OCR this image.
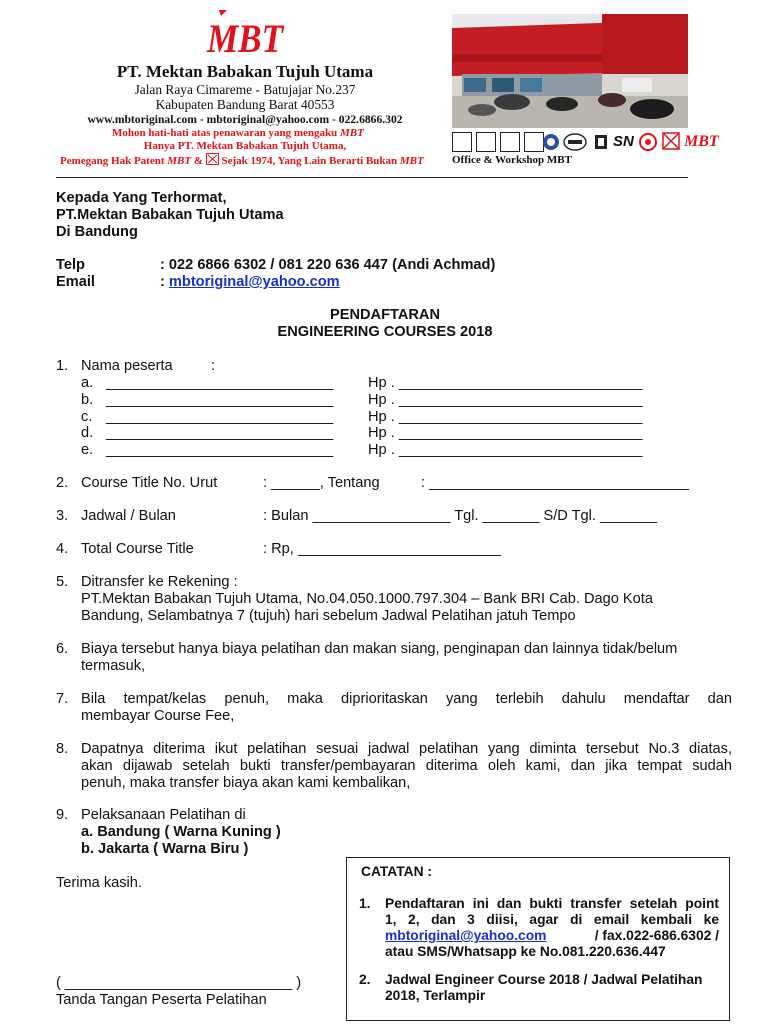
MBT
PT. Mektan Babakan Tujuh Utama
Jalan Raya Cimareme - Batujajar No.237
Kabupaten Bandung Barat 40553
www.mbtoriginal.com - mbtoriginal@yahoo.com - 022.6866.302
Mohon hati-hati atas penawaran yang mengaku MBT
Hanya PT. Mektan Babakan Tujuh Utama,
Pemegang Hak Patent MBT & Sejak 1974, Yang Lain Berarti Bukan MBT
SN	MBT
Office & Workshop MBT
Kepada Yang Terhormat,
PT.Mektan Babakan Tujuh Utama
Di Bandung
Telp	: 022 6866 6302 / 081 220 636 447 (Andi Achmad)
Email	: mbtoriginal@yahoo.com
PENDAFTARAN
ENGINEERING COURSES 2018
1. Nama peserta	:
a. ____________________________ Hp . ______________________________
b. ____________________________ Hp . ______________________________
c. ____________________________ Hp . ______________________________
d. ____________________________ Hp . ______________________________
e. ____________________________ Hp . ______________________________
2. Course Title No. Urut	: ______, Tentang	: ________________________________
3. Jadwal / Bulan	: Bulan _________________ Tgl. _______ S/D Tgl. _______
4. Total Course Title	: Rp, _________________________
5. Ditransfer ke Rekening :
PT.Mektan Babakan Tujuh Utama, No.04.050.1000.797.304 – Bank BRI Cab. Dago Kota
Bandung, Selambatnya 7 (tujuh) hari sebelum Jadwal Pelatihan jatuh Tempo
6. Biaya tersebut hanya biaya pelatihan dan makan siang, penginapan dan lainnya tidak/belum
termasuk,
7. Bila tempat/kelas penuh, maka diprioritaskan yang terlebih dahulu mendaftar dan
membayar Course Fee,
8. Dapatnya diterima ikut pelatihan sesuai jadwal pelatihan yang diminta tersebut No.3 diatas,
akan dijawab setelah bukti transfer/pembayaran diterima oleh kami, dan jika tempat sudah
penuh, maka transfer biaya akan kami kembalikan,
9. Pelaksanaan Pelatihan di
a. Bandung ( Warna Kuning )
b. Jakarta ( Warna Biru )
Terima kasih.
( ____________________________ )
Tanda Tangan Peserta Pelatihan
CATATAN :
1. Pendaftaran ini dan bukti transfer setelah point
1, 2, dan 3 diisi, agar di email kembali ke
mbtoriginal@yahoo.com	/ fax.022-686.6302 /
atau SMS/Whatsapp ke No.081.220.636.447
2. Jadwal Engineer Course 2018 / Jadwal Pelatihan
2018, Terlampir
